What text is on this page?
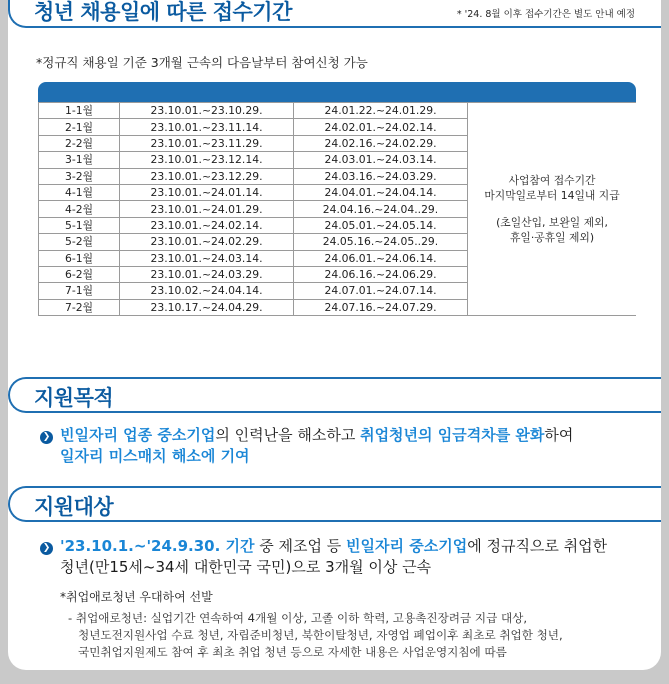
청년 채용일에 따른 접수기간	* '24. 8월 이후 접수기간은 별도 안내 예정
*정규직 채용일 기준 3개월 근속의 다음날부터 참여신청 가능
1-1월	23.10.01.~23.10.29.	24.01.22.~24.01.29.	사업참여 접수기간
마지막일로부터 14일내 지급
(초일산입, 보완일 제외,
휴일·공휴일 제외)

2-1월	23.10.01.~23.11.14.	24.02.01.~24.02.14.	
2-2월	23.10.01.~23.11.29.	24.02.16.~24.02.29.	
3-1월	23.10.01.~23.12.14.	24.03.01.~24.03.14.	
3-2월	23.10.01.~23.12.29.	24.03.16.~24.03.29.	
4-1월	23.10.01.~24.01.14.	24.04.01.~24.04.14.	
4-2월	23.10.01.~24.01.29.	24.04.16.~24.04..29.	
5-1월	23.10.01.~24.02.14.	24.05.01.~24.05.14.	
5-2월	23.10.01.~24.02.29.	24.05.16.~24.05..29.	
6-1월	23.10.01.~24.03.14.	24.06.01.~24.06.14.	
6-2월	23.10.01.~24.03.29.	24.06.16.~24.06.29.	
7-1월	23.10.02.~24.04.14.	24.07.01.~24.07.14.	
7-2월	23.10.17.~24.04.29.	24.07.16.~24.07.29.	
지원목적
❯ 빈일자리 업종 중소기업의 인력난을 해소하고 취업청년의 임금격차를 완화하여
일자리 미스매치 해소에 기여
지원대상
❯ '23.10.1.~'24.9.30. 기간 중 제조업 등 빈일자리 중소기업에 정규직으로 취업한
청년(만15세~34세 대한민국 국민)으로 3개월 이상 근속
*취업애로청년 우대하여 선발
- 취업애로청년: 실업기간 연속하여 4개월 이상, 고졸 이하 학력, 고용촉진장려금 지급 대상,
청년도전지원사업 수료 청년, 자립준비청년, 북한이탈청년, 자영업 폐업이후 최초로 취업한 청년,
국민취업지원제도 참여 후 최초 취업 청년 등으로 자세한 내용은 사업운영지침에 따름
